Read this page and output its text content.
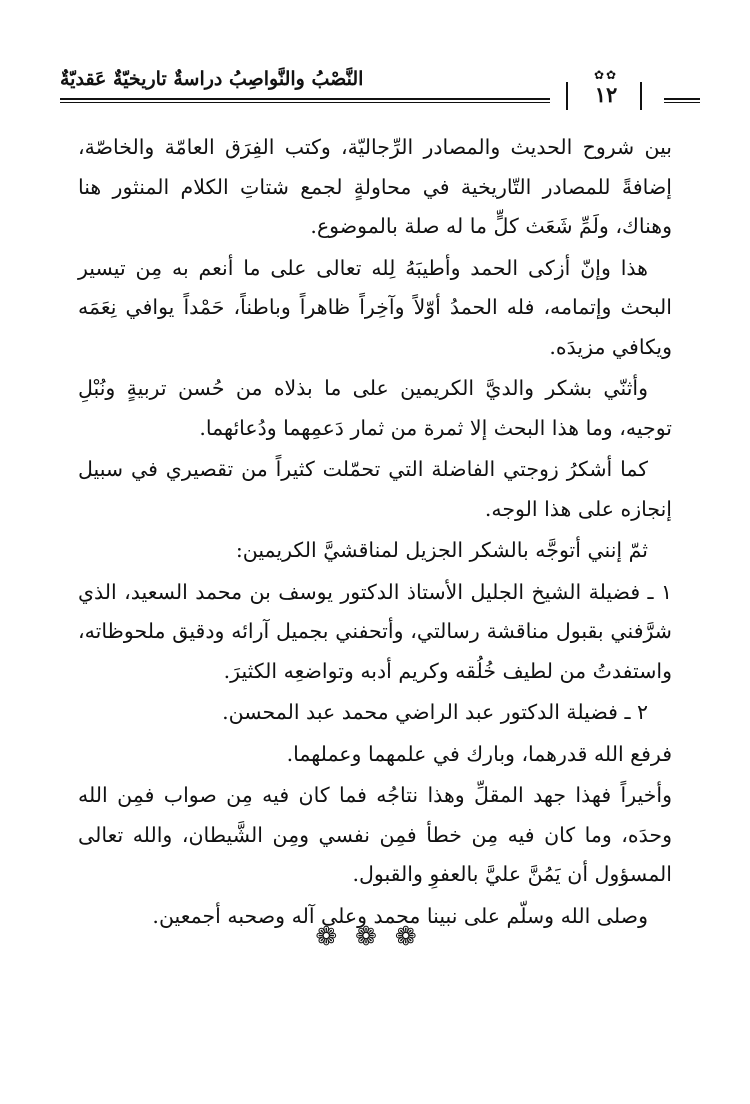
النَّصْبُ والنَّواصِبُ دراسةٌ تاريخيّةٌ عَقديّةٌ	✿✿
١٢

بين شروح الحديث والمصادر الرِّجاليّة، وكتب الفِرَق العامّة والخاصّة، إضافةً للمصادر التّاريخية في محاولةٍ لجمع شتاتِ الكلام المنثور هنا وهناك، ولَمِّ شَعَث كلٍّ ما له صلة بالموضوع.

هذا وإنّ أزكى الحمد وأطيبَهُ لِله تعالى على ما أنعم به مِن تيسير البحث وإتمامه، فله الحمدُ أوّلاً وآخِراً ظاهراً وباطناً، حَمْداً يوافي نِعَمَه ويكافي مزيدَه.

وأثنّي بشكر والديَّ الكريمين على ما بذلاه من حُسن تربيةٍ ونُبْلِ توجيه، وما هذا البحث إلا ثمرة من ثمار دَعمِهما ودُعائهما.

كما أشكرُ زوجتي الفاضلة التي تحمّلت كثيراً من تقصيري في سبيل إنجازه على هذا الوجه.

ثمّ إنني أتوجَّه بالشكر الجزيل لمناقشيَّ الكريمين:

١ ـ فضيلة الشيخ الجليل الأستاذ الدكتور يوسف بن محمد السعيد، الذي شرَّفني بقبول مناقشة رسالتي، وأتحفني بجميل آرائه ودقيق ملحوظاته، واستفدتُ من لطيف خُلُقه وكريم أدبه وتواضعِه الكثيرَ.

٢ ـ فضيلة الدكتور عبد الراضي محمد عبد المحسن.

فرفع الله قدرهما، وبارك في علمهما وعملهما.

وأخيراً فهذا جهد المقلِّ وهذا نتاجُه فما كان فيه مِن صواب فمِن الله وحدَه، وما كان فيه مِن خطأ فمِن نفسي ومِن الشَّيطان، والله تعالى المسؤول أن يَمُنَّ عليَّ بالعفوِ والقبول.

وصلى الله وسلّم على نبينا محمد وعلى آله وصحبه أجمعين.

❁❁❁
